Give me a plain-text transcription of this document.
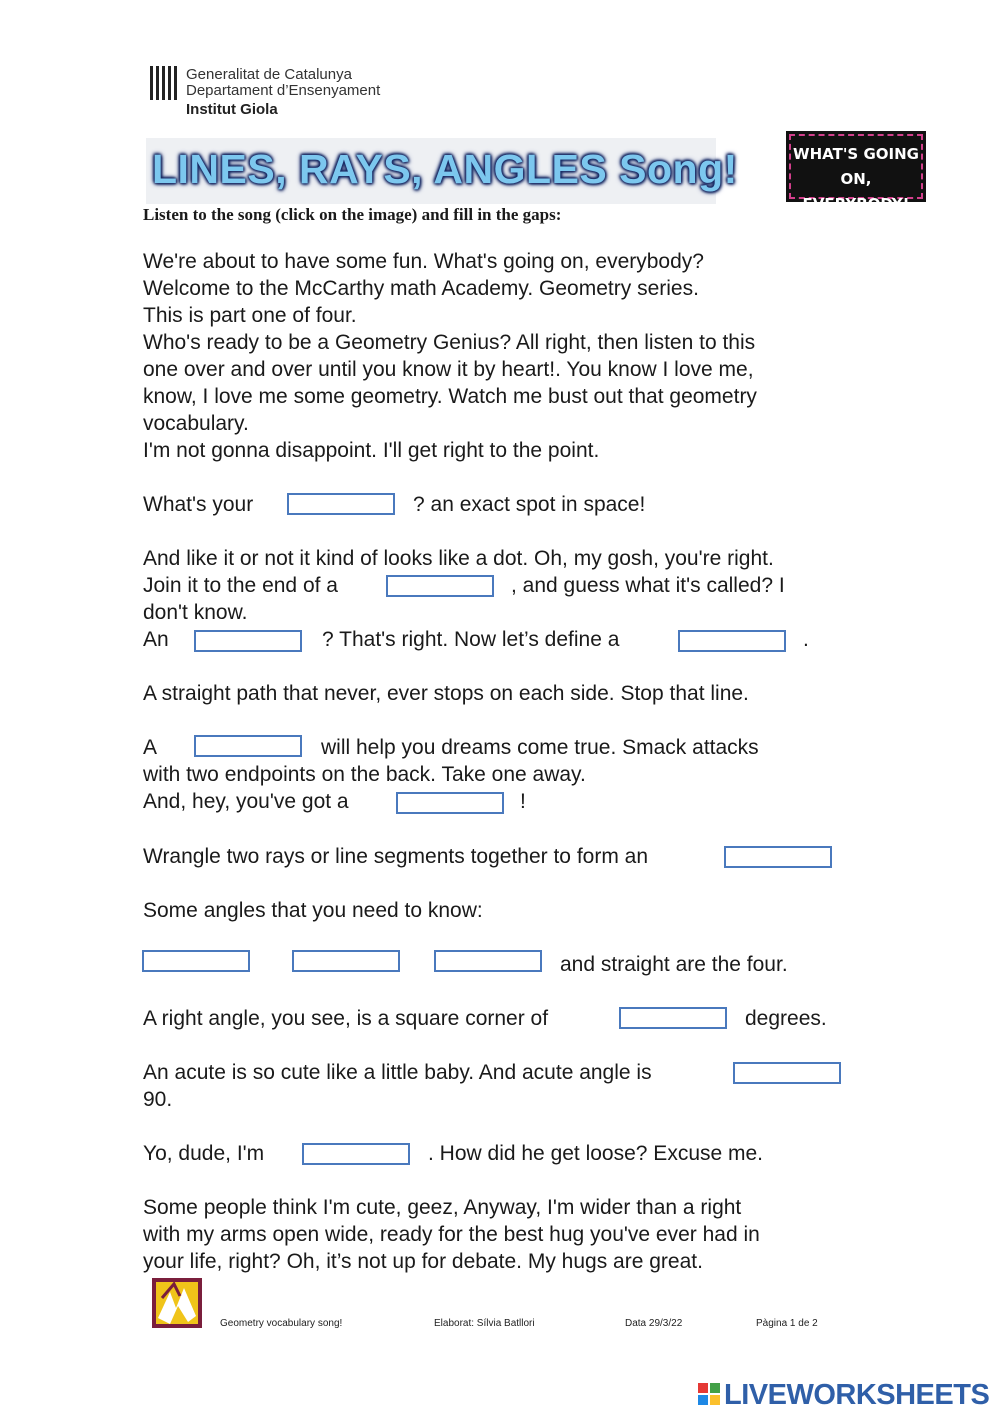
Generalitat de Catalunya
Departament d’Ensenyament
Institut Giola
LINES, RAYS, ANGLES Song!	WHAT'S GOING
ON, EVERYBODY!
Listen to the song (click on the image) and fill in the gaps:
We're about to have some fun. What's going on, everybody?
Welcome to the McCarthy math Academy. Geometry series.
This is part one of four.
Who's ready to be a Geometry Genius? All right, then listen to this
one over and over until you know it by heart!. You know I love me,
know, I love me some geometry. Watch me bust out that geometry
vocabulary.
I'm not gonna disappoint. I'll get right to the point.
What's your	? an exact spot in space!
And like it or not it kind of looks like a dot. Oh, my gosh, you're right.
Join it to the end of a	, and guess what it's called? I
don't know.
An	? That's right. Now let’s define a	.
A straight path that never, ever stops on each side. Stop that line.
A	will help you dreams come true. Smack attacks
with two endpoints on the back. Take one away.
And, hey, you've got a	!
Wrangle two rays or line segments together to form an
Some angles that you need to know:
and straight are the four.
A right angle, you see, is a square corner of	degrees.
An acute is so cute like a little baby. And acute angle is
90.
Yo, dude, I'm	. How did he get loose? Excuse me.
Some people think I'm cute, geez, Anyway, I'm wider than a right
with my arms open wide, ready for the best hug you've ever had in
your life, right? Oh, it’s not up for debate. My hugs are great.
Geometry vocabulary song!	Elaborat: Sílvia Batllori	Data 29/3/22	Pàgina 1 de 2
LIVEWORKSHEETS
